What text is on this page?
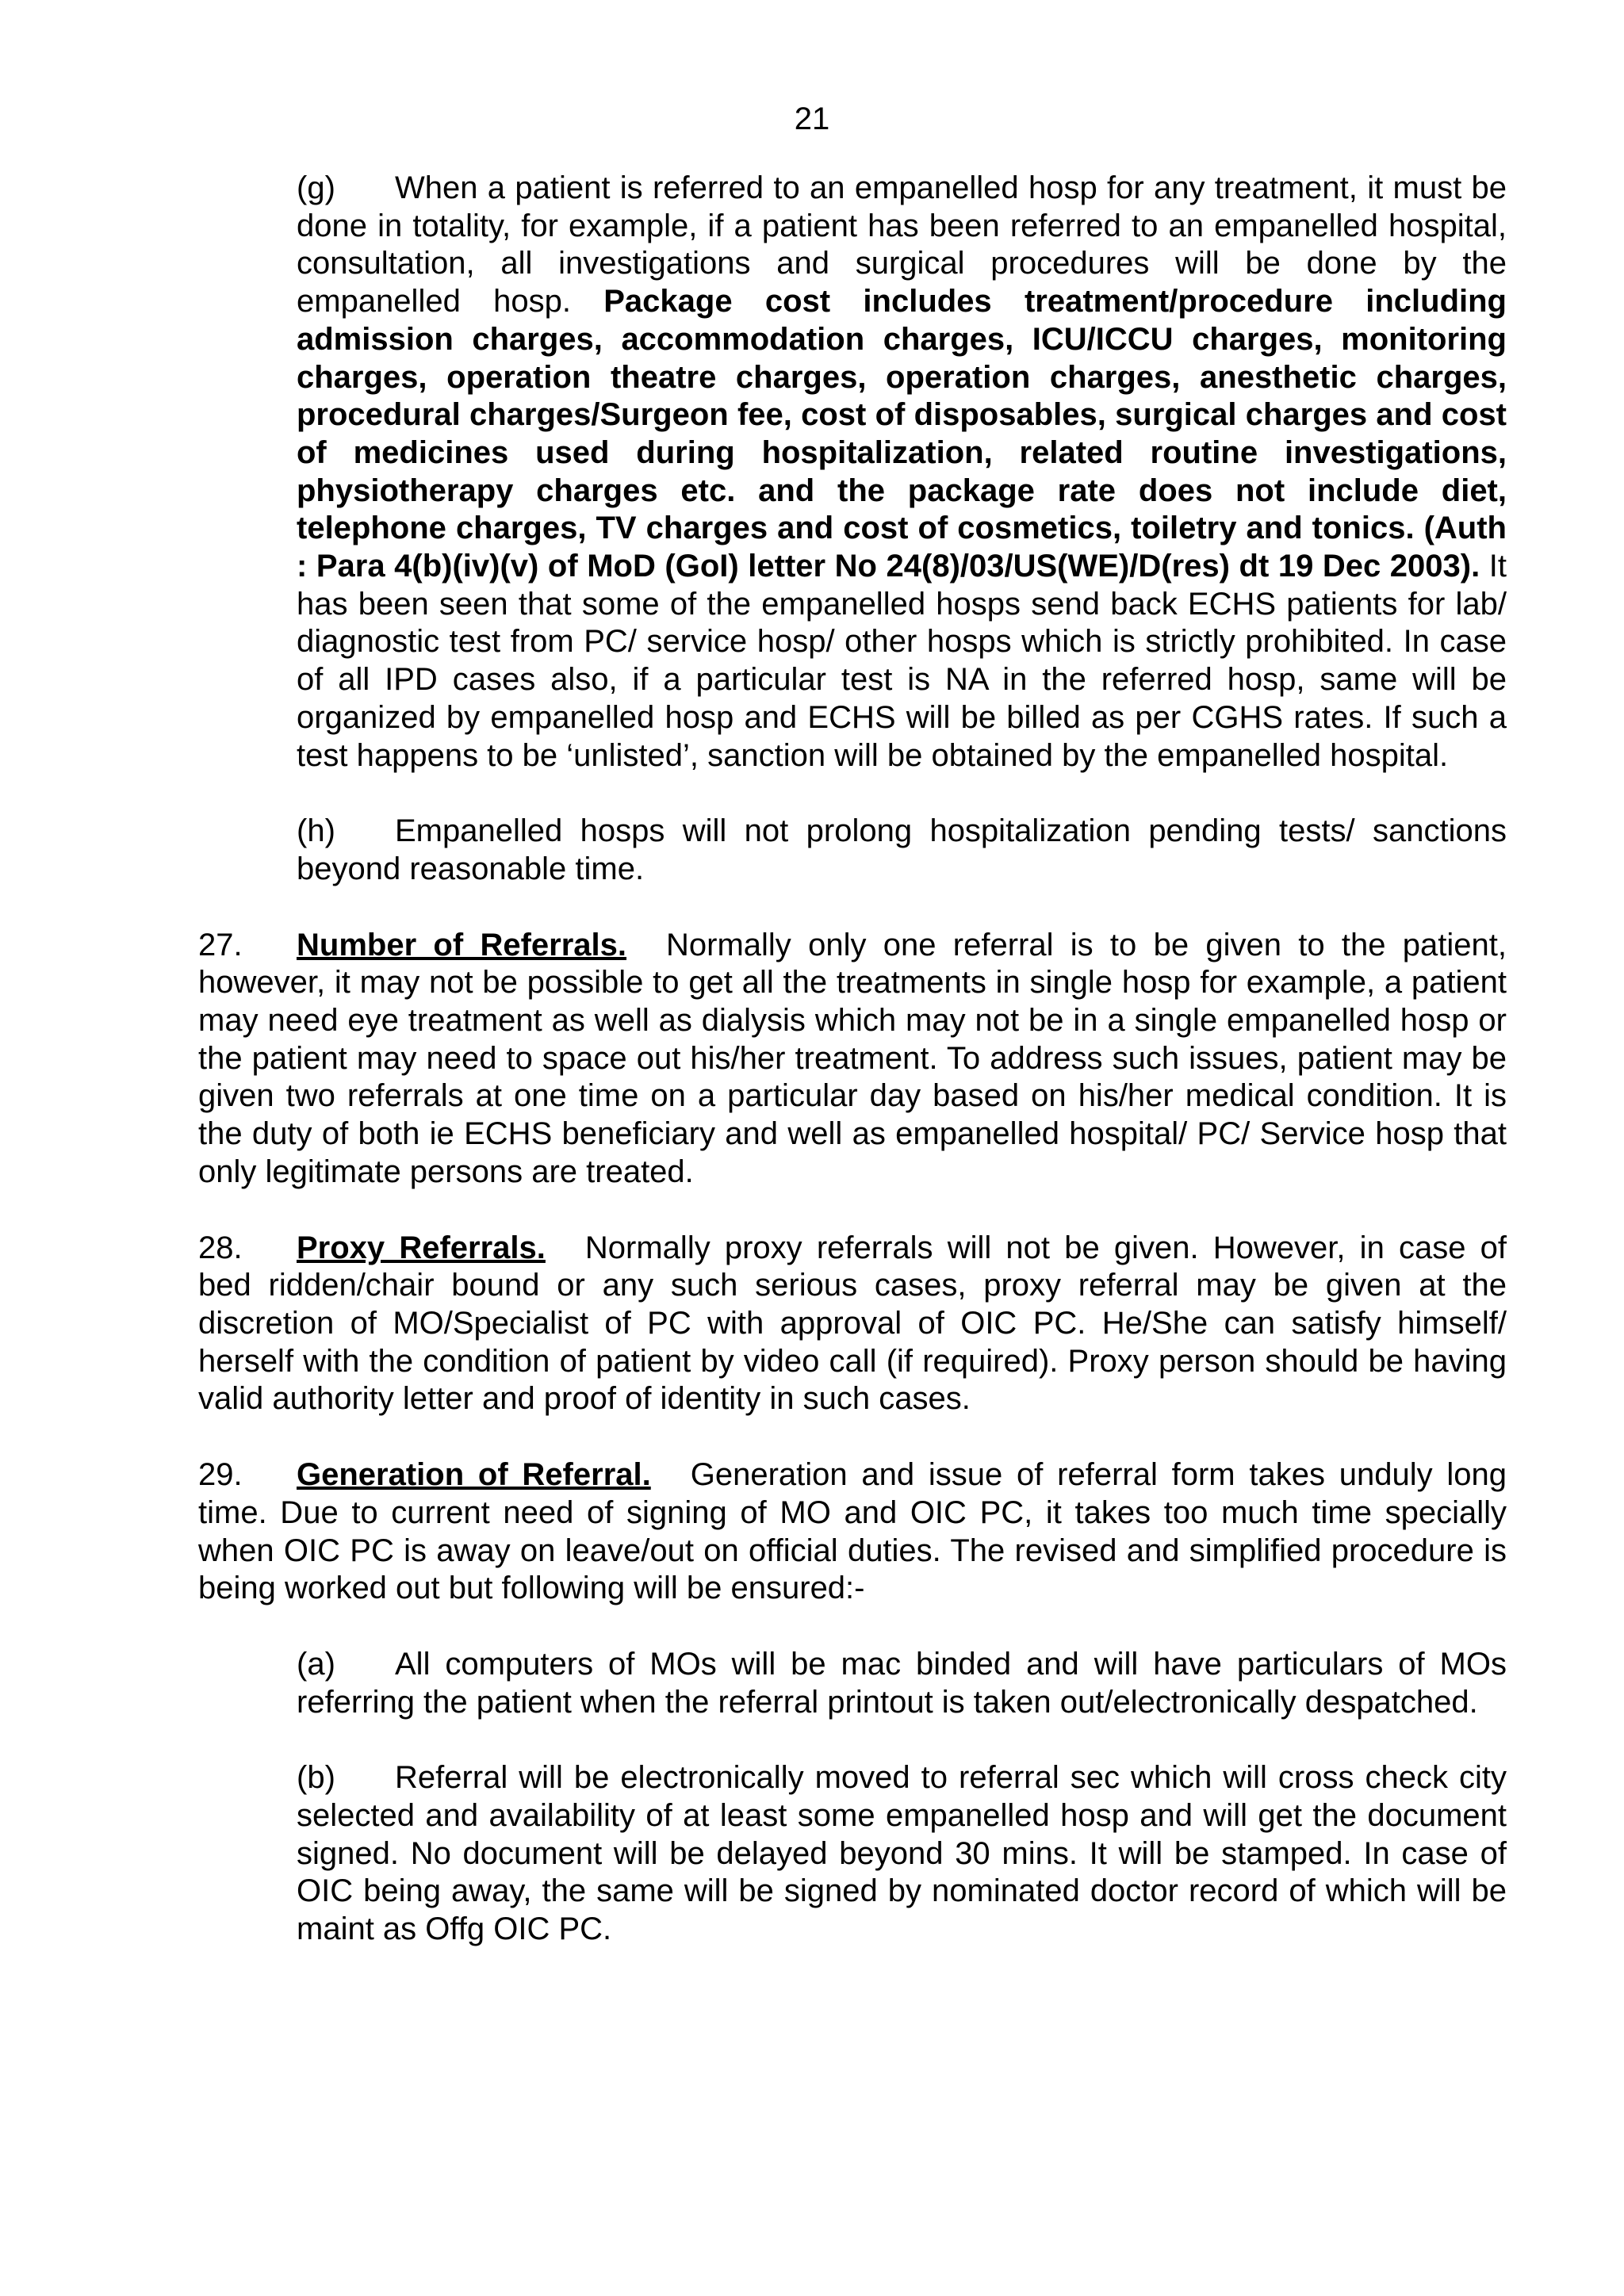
21

(g) When a patient is referred to an empanelled hosp for any treatment, it must be done in totality, for example, if a patient has been referred to an empanelled hospital, consultation, all investigations and surgical procedures will be done by the empanelled hosp. Package cost includes treatment/procedure including admission charges, accommodation charges, ICU/ICCU charges, monitoring charges, operation theatre charges, operation charges, anesthetic charges, procedural charges/Surgeon fee, cost of disposables, surgical charges and cost of medicines used during hospitalization, related routine investigations, physiotherapy charges etc. and the package rate does not include diet, telephone charges, TV charges and cost of cosmetics, toiletry and tonics. (Auth : Para 4(b)(iv)(v) of MoD (GoI) letter No 24(8)/03/US(WE)/D(res) dt 19 Dec 2003). It has been seen that some of the empanelled hosps send back ECHS patients for lab/ diagnostic test from PC/ service hosp/ other hosps which is strictly prohibited. In case of all IPD cases also, if a particular test is NA in the referred hosp, same will be organized by empanelled hosp and ECHS will be billed as per CGHS rates. If such a test happens to be ‘unlisted’, sanction will be obtained by the empanelled hospital.

(h) Empanelled hosps will not prolong hospitalization pending tests/ sanctions beyond reasonable time.

27. Number of Referrals. Normally only one referral is to be given to the patient, however, it may not be possible to get all the treatments in single hosp for example, a patient may need eye treatment as well as dialysis which may not be in a single empanelled hosp or the patient may need to space out his/her treatment. To address such issues, patient may be given two referrals at one time on a particular day based on his/her medical condition. It is the duty of both ie ECHS beneficiary and well as empanelled hospital/ PC/ Service hosp that only legitimate persons are treated.

28. Proxy Referrals. Normally proxy referrals will not be given. However, in case of bed ridden/chair bound or any such serious cases, proxy referral may be given at the discretion of MO/Specialist of PC with approval of OIC PC. He/She can satisfy himself/ herself with the condition of patient by video call (if required). Proxy person should be having valid authority letter and proof of identity in such cases.

29. Generation of Referral. Generation and issue of referral form takes unduly long time. Due to current need of signing of MO and OIC PC, it takes too much time specially when OIC PC is away on leave/out on official duties. The revised and simplified procedure is being worked out but following will be ensured:-

(a) All computers of MOs will be mac binded and will have particulars of MOs referring the patient when the referral printout is taken out/electronically despatched.

(b) Referral will be electronically moved to referral sec which will cross check city selected and availability of at least some empanelled hosp and will get the document signed. No document will be delayed beyond 30 mins. It will be stamped. In case of OIC being away, the same will be signed by nominated doctor record of which will be maint as Offg OIC PC.
